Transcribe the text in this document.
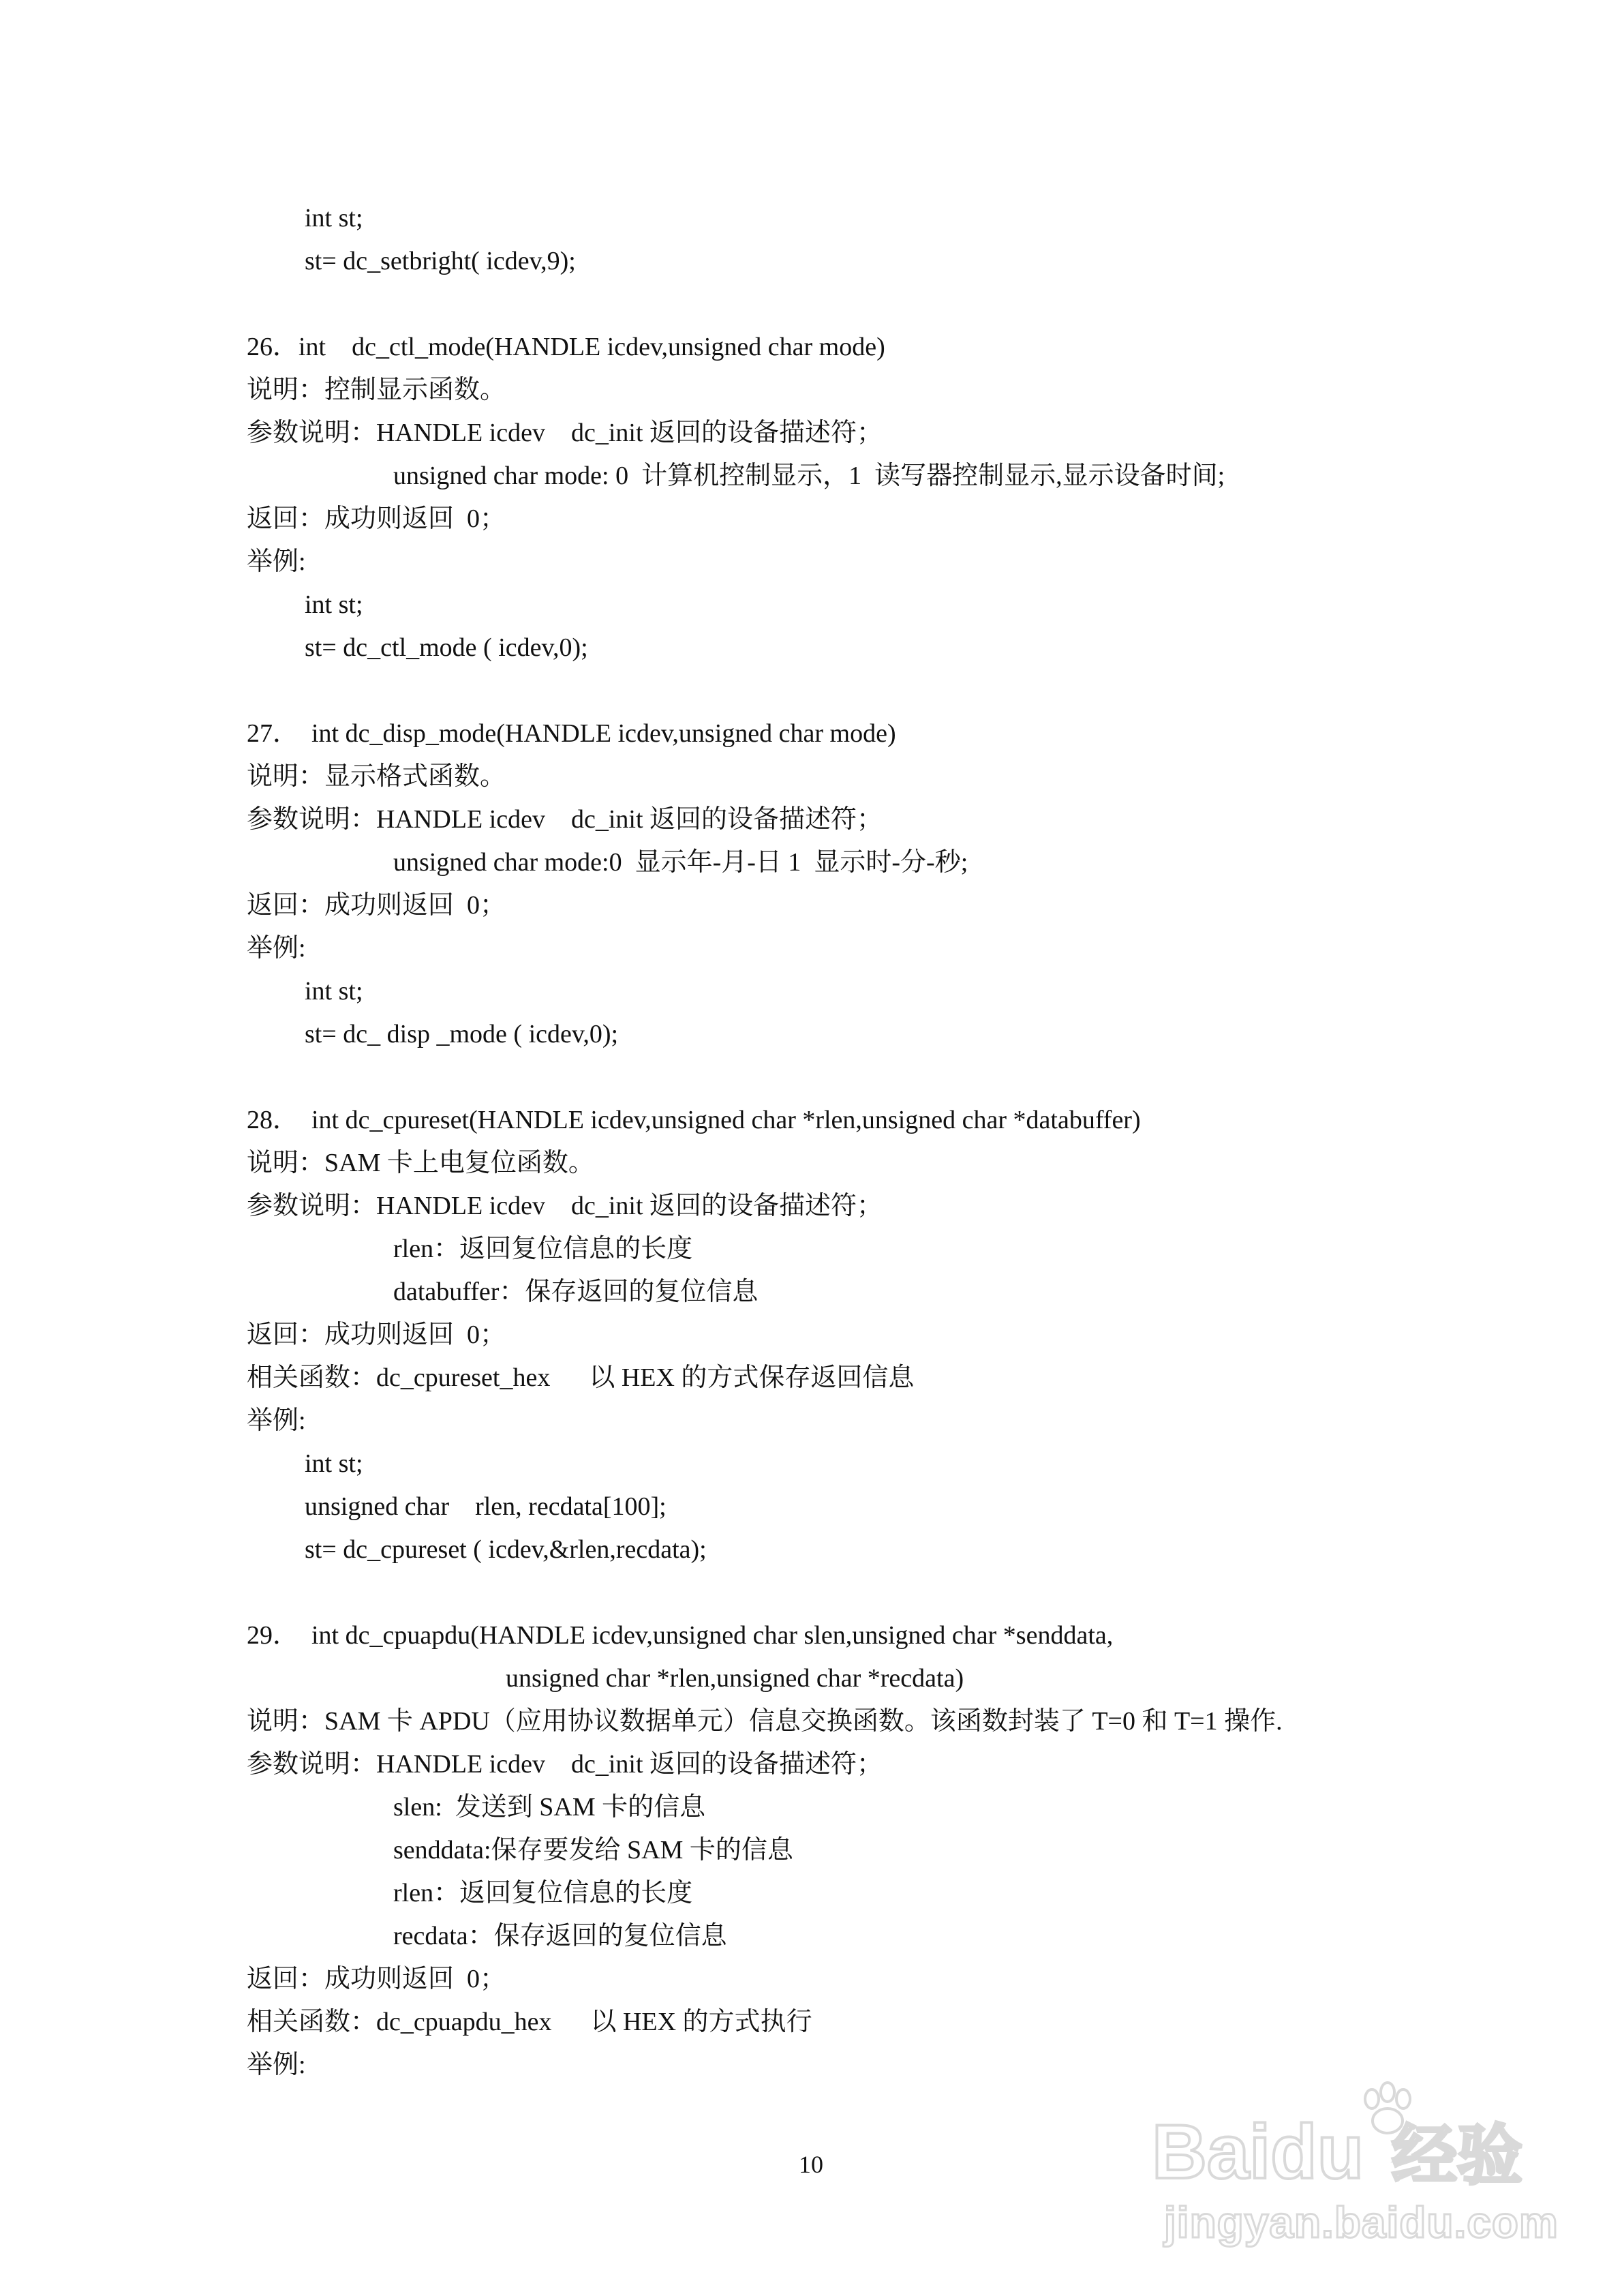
int st;
st= dc_setbright( icdev,9);
26．int    dc_ctl_mode(HANDLE icdev,unsigned char mode)
说明：控制显示函数。
参数说明：HANDLE icdev    dc_init 返回的设备描述符；
unsigned char mode: 0  计算机控制显示，1  读写器控制显示,显示设备时间;
返回：成功则返回  0；
举例:
int st;
st= dc_ctl_mode ( icdev,0);
27．  int dc_disp_mode(HANDLE icdev,unsigned char mode)
说明：显示格式函数。
参数说明：HANDLE icdev    dc_init 返回的设备描述符；
unsigned char mode:0  显示年-月-日 1  显示时-分-秒;
返回：成功则返回  0；
举例:
int st;
st= dc_ disp _mode ( icdev,0);
28．  int dc_cpureset(HANDLE icdev,unsigned char *rlen,unsigned char *databuffer)
说明：SAM 卡上电复位函数。
参数说明：HANDLE icdev    dc_init 返回的设备描述符；
rlen：返回复位信息的长度
databuffer：保存返回的复位信息
返回：成功则返回  0；
相关函数：dc_cpureset_hex      以 HEX 的方式保存返回信息
举例:
int st;
unsigned char    rlen, recdata[100];
st= dc_cpureset ( icdev,&rlen,recdata);
29．  int dc_cpuapdu(HANDLE icdev,unsigned char slen,unsigned char *senddata,
unsigned char *rlen,unsigned char *recdata)
说明：SAM 卡 APDU（应用协议数据单元）信息交换函数。该函数封装了 T=0 和 T=1 操作.
参数说明：HANDLE icdev    dc_init 返回的设备描述符；
slen:  发送到 SAM 卡的信息
senddata:保存要发给 SAM 卡的信息
rlen：返回复位信息的长度
recdata：保存返回的复位信息
返回：成功则返回  0；
相关函数：dc_cpuapdu_hex      以 HEX 的方式执行
举例:
10	Baidu 经验
jingyan.baidu.com
